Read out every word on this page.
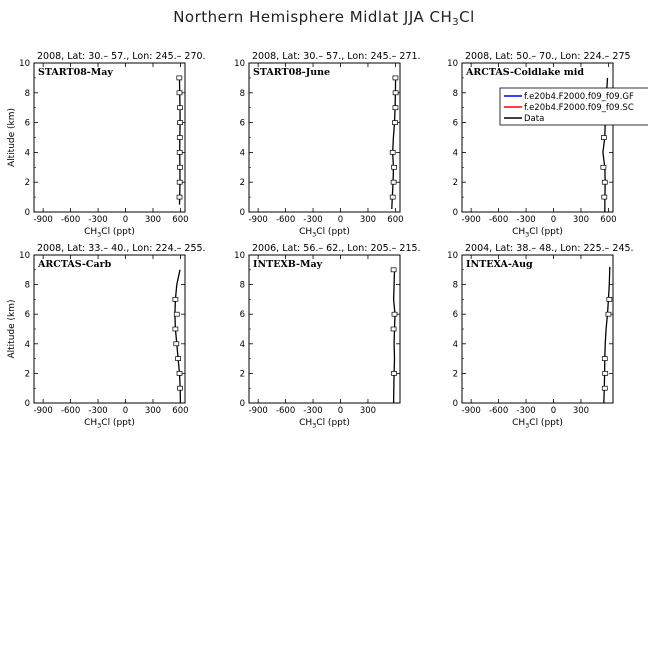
Northern Hemisphere Midlat JJA $CH_3Cl$
2008, Lat: 30.– 57., Lon: 245.– 270.
START08-May
0
2
4
6
8
10
-900 -600 -300 0 300 600
$CH_3Cl$ (ppt)
Altitude (km)
2008, Lat: 30.– 57., Lon: 245.– 271.
START08-June
0
2
4
6
8
10
-900 -600 -300 0 300 600
$CH_3Cl$ (ppt)
2008, Lat: 50.– 70., Lon: 224.– 275
ARCTAS-Coldlake mid
0
2
4
6
8
10
-900 -600 -300 0 300 600
$CH_3Cl$ (ppt)
2008, Lat: 33.– 40., Lon: 224.– 255.
ARCTAS-Carb
0
2
4
6
8
10
-900 -600 -300 0 300 600
$CH_3Cl$ (ppt)
Altitude (km)
2006, Lat: 56.– 62., Lon: 205.– 215.
INTEXB-May
0
2
4
6
8
10
-900 -600 -300 0 300
$CH_3Cl$ (ppt)
2004, Lat: 38.– 48., Lon: 225.– 245.
INTEXA-Aug
0
2
4
6
8
10
-900 -600 -300 0 300
$CH_3Cl$ (ppt)
f.e20b4.F2000.f09_f09.GF
f.e20b4.F2000.f09_f09.SC
Data
